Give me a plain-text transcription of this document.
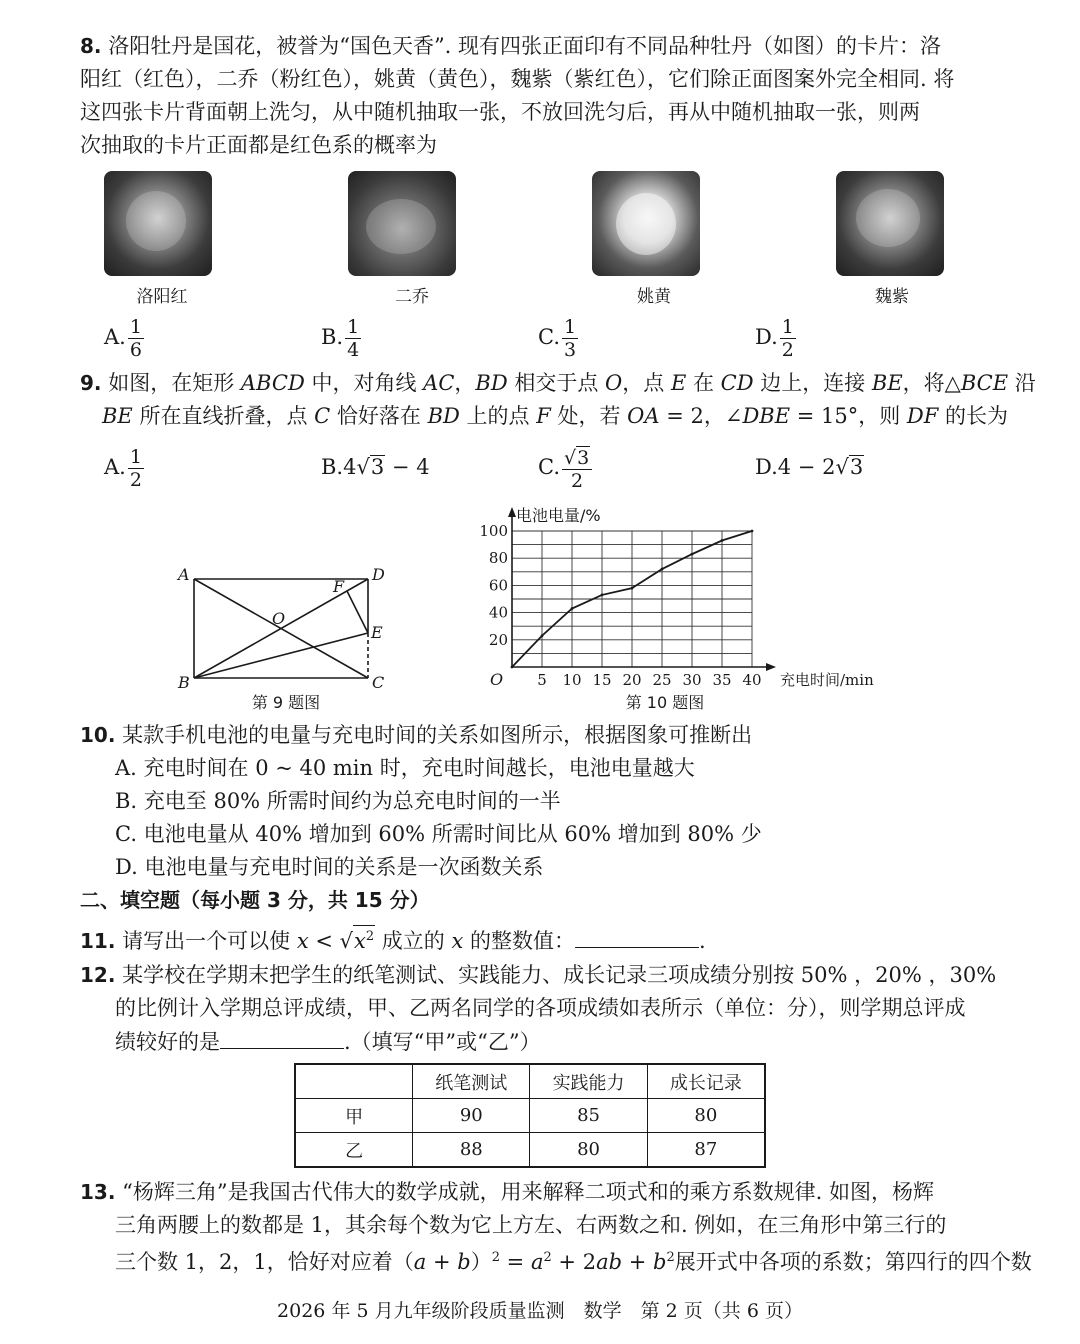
8. 洛阳牡丹是国花，被誉为“国色天香”. 现有四张正面印有不同品种牡丹（如图）的卡片：洛
阳红（红色），二乔（粉红色），姚黄（黄色），魏紫（紫红色），它们除正面图案外完全相同. 将
这四张卡片背面朝上洗匀，从中随机抽取一张，不放回洗匀后，再从中随机抽取一张，则两
次抽取的卡片正面都是红色系的概率为
洛阳红	二乔	姚黄	魏紫
A. $\frac{1}{6}$	B. $\frac{1}{4}$	C. $\frac{1}{3}$	D. $\frac{1}{2}$
9. 如图，在矩形 ABCD 中，对角线 AC，BD 相交于点 O，点 E 在 CD 边上，连接 BE，将△BCE 沿
BE 所在直线折叠，点 C 恰好落在 BD 上的点 F 处，若 OA = 2，∠DBE = 15°，则 DF 的长为
A. $\frac{1}{2}$	B.4√3 − 4	C. $\frac{√3}{2}$	D.4 − 2√3
A
B	C
D
E
F
O
第 9 题图
5 10 15 20 25 30 35 40
20
40
60
80
100
电池电量/%
充电时间/min
O
第 10 题图
10. 某款手机电池的电量与充电时间的关系如图所示，根据图象可推断出
A. 充电时间在 0 ~ 40 min 时，充电时间越长，电池电量越大
B. 充电至 80% 所需时间约为总充电时间的一半
C. 电池电量从 40% 增加到 60% 所需时间比从 60% 增加到 80% 少
D. 电池电量与充电时间的关系是一次函数关系
二、填空题（每小题 3 分，共 15 分）
11. 请写出一个可以使 $x < √x^2$ 成立的 x 的整数值：	.
12. 某学校在学期末把学生的纸笔测试、实践能力、成长记录三项成绩分别按 50% ，20% ，30%
的比例计入学期总评成绩，甲、乙两名同学的各项成绩如表所示（单位：分），则学期总评成
绩较好的是	.（填写“甲”或“乙”）
	纸笔测试	实践能力	成长记录
甲	90	85	80
乙	88	80	87
13. “杨辉三角”是我国古代伟大的数学成就，用来解释二项式和的乘方系数规律. 如图，杨辉
三角两腰上的数都是 1，其余每个数为它上方左、右两数之和. 例如，在三角形中第三行的
三个数 1，2，1，恰好对应着$(a + b)^2 = a^2 + 2ab + b^2$展开式中各项的系数；第四行的四个数
2026 年 5 月九年级阶段质量监测　数学　第 2 页（共 6 页）
